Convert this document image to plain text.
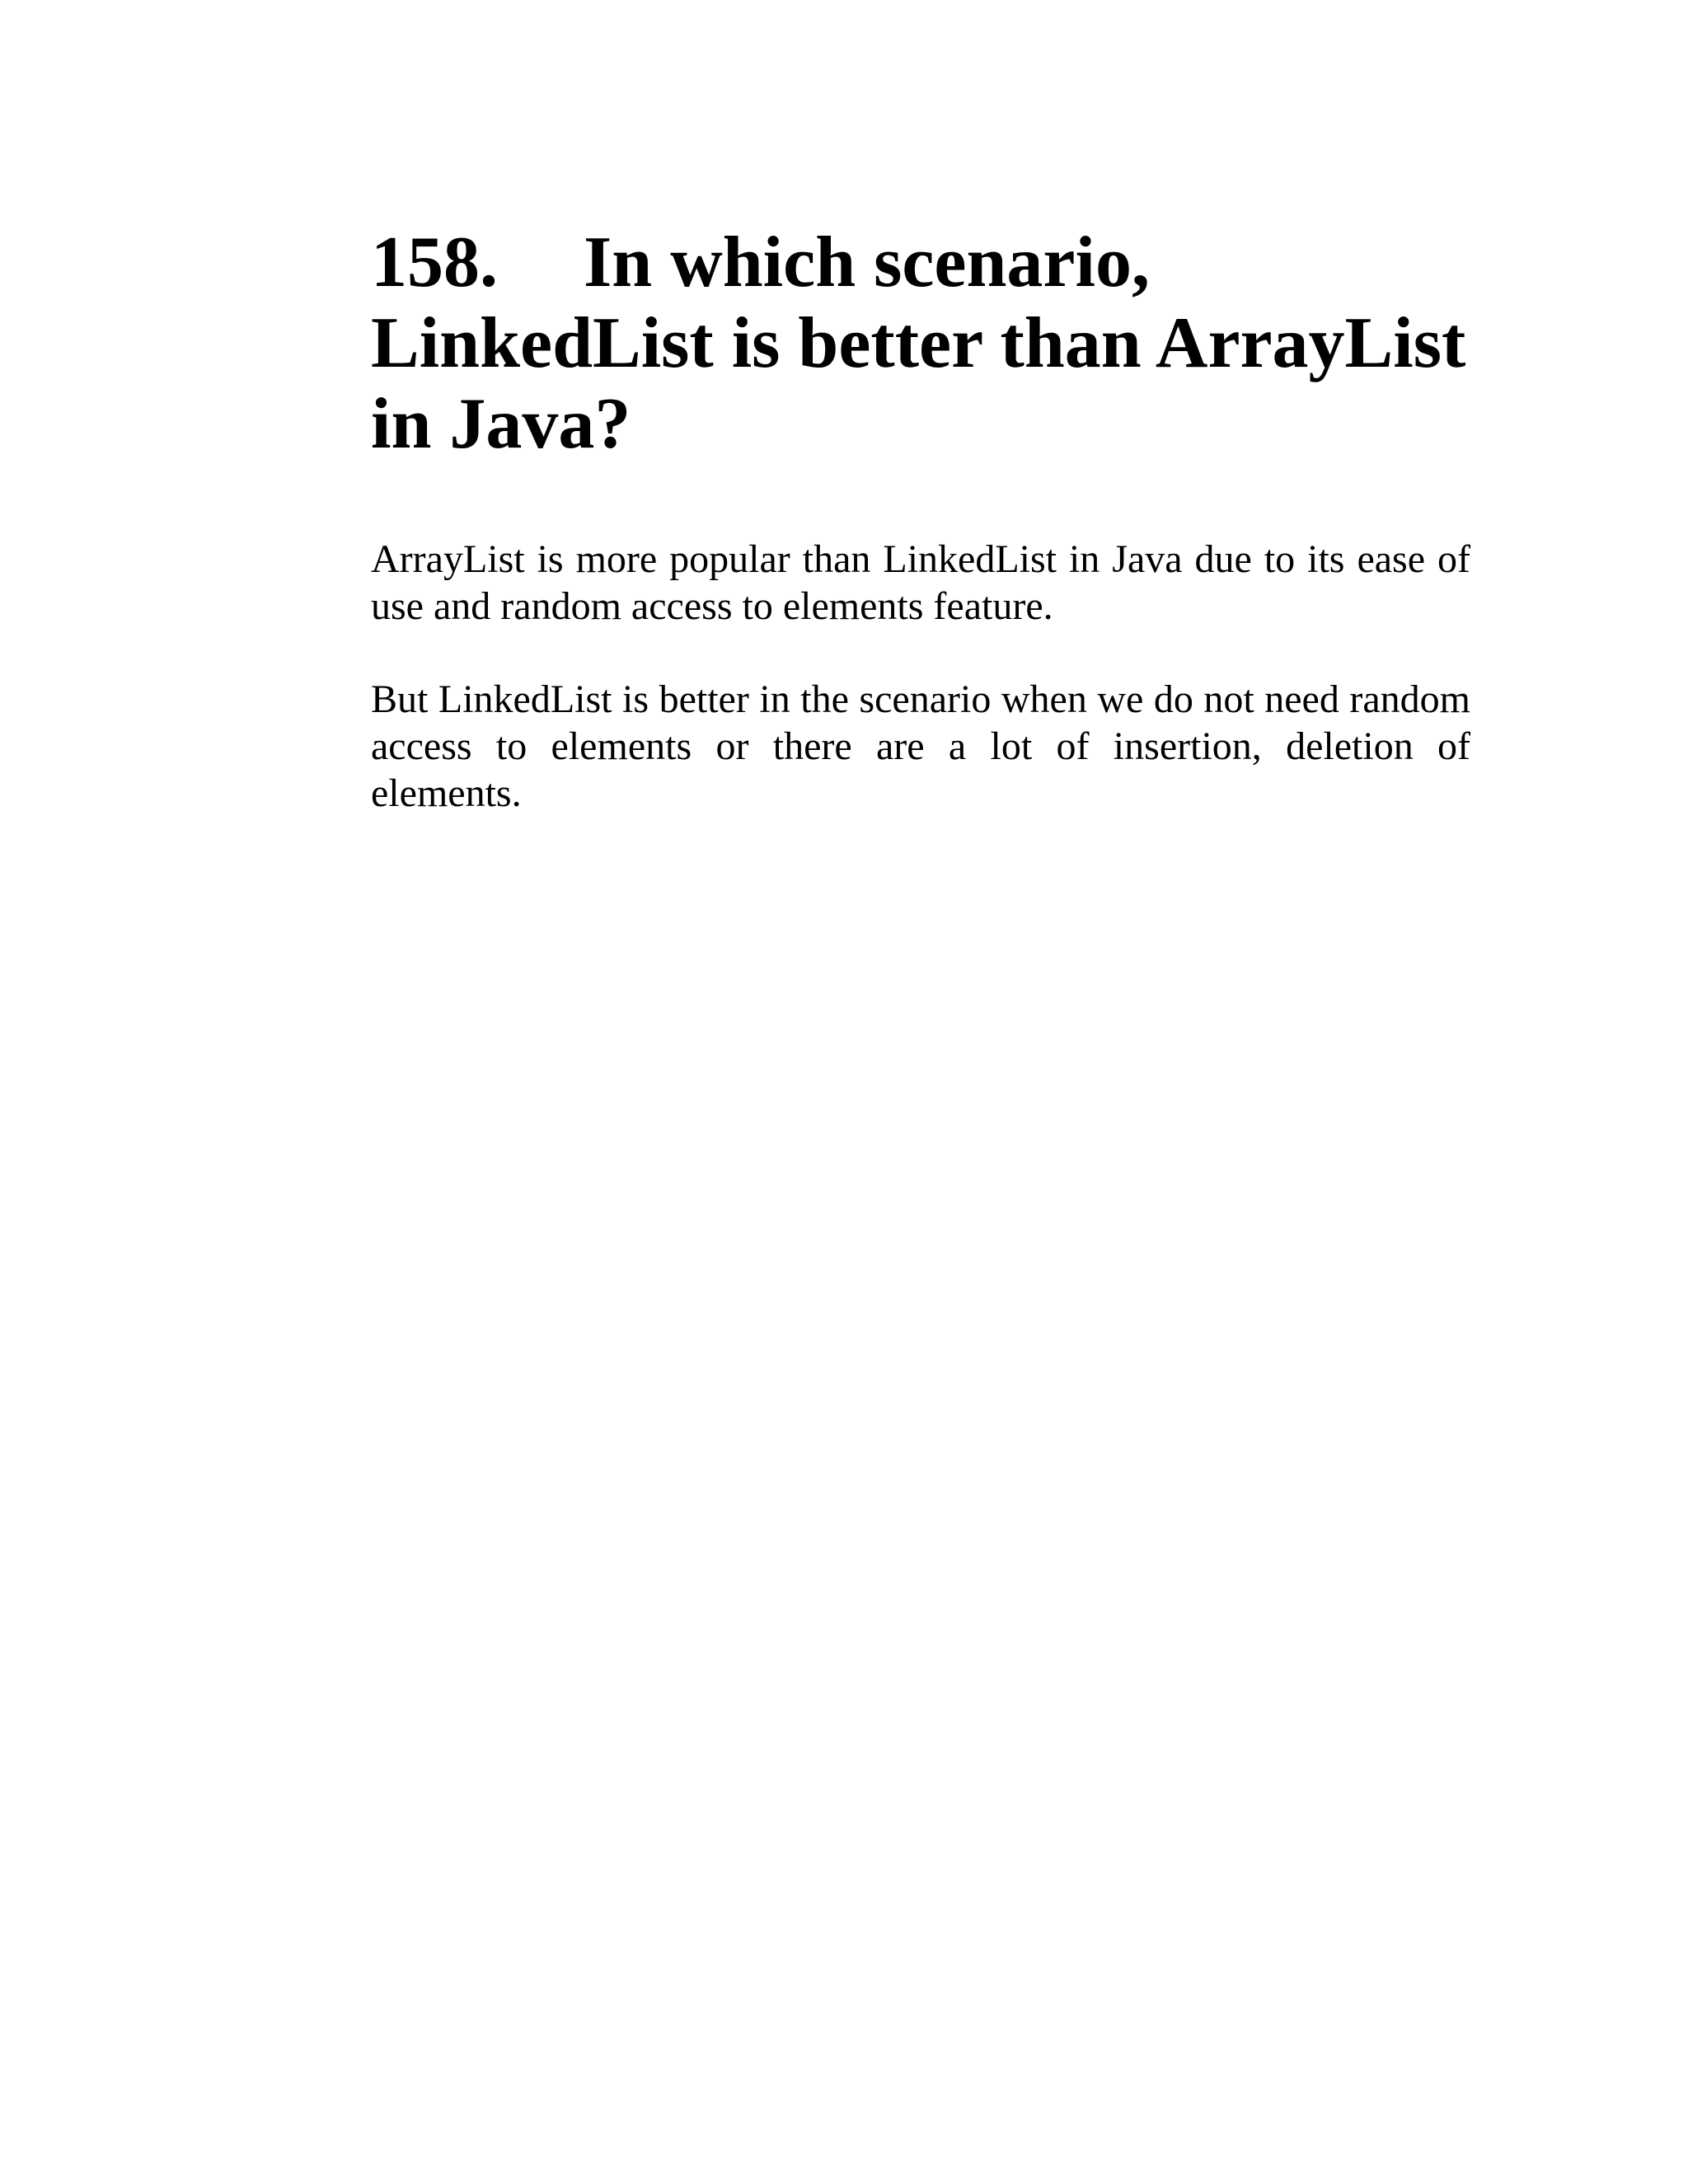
158. In which scenario, LinkedList is better than ArrayList in Java?

ArrayList is more popular than LinkedList in Java due to its ease of use and random access to elements feature.

But LinkedList is better in the scenario when we do not need random access to elements or there are a lot of insertion, deletion of elements.
